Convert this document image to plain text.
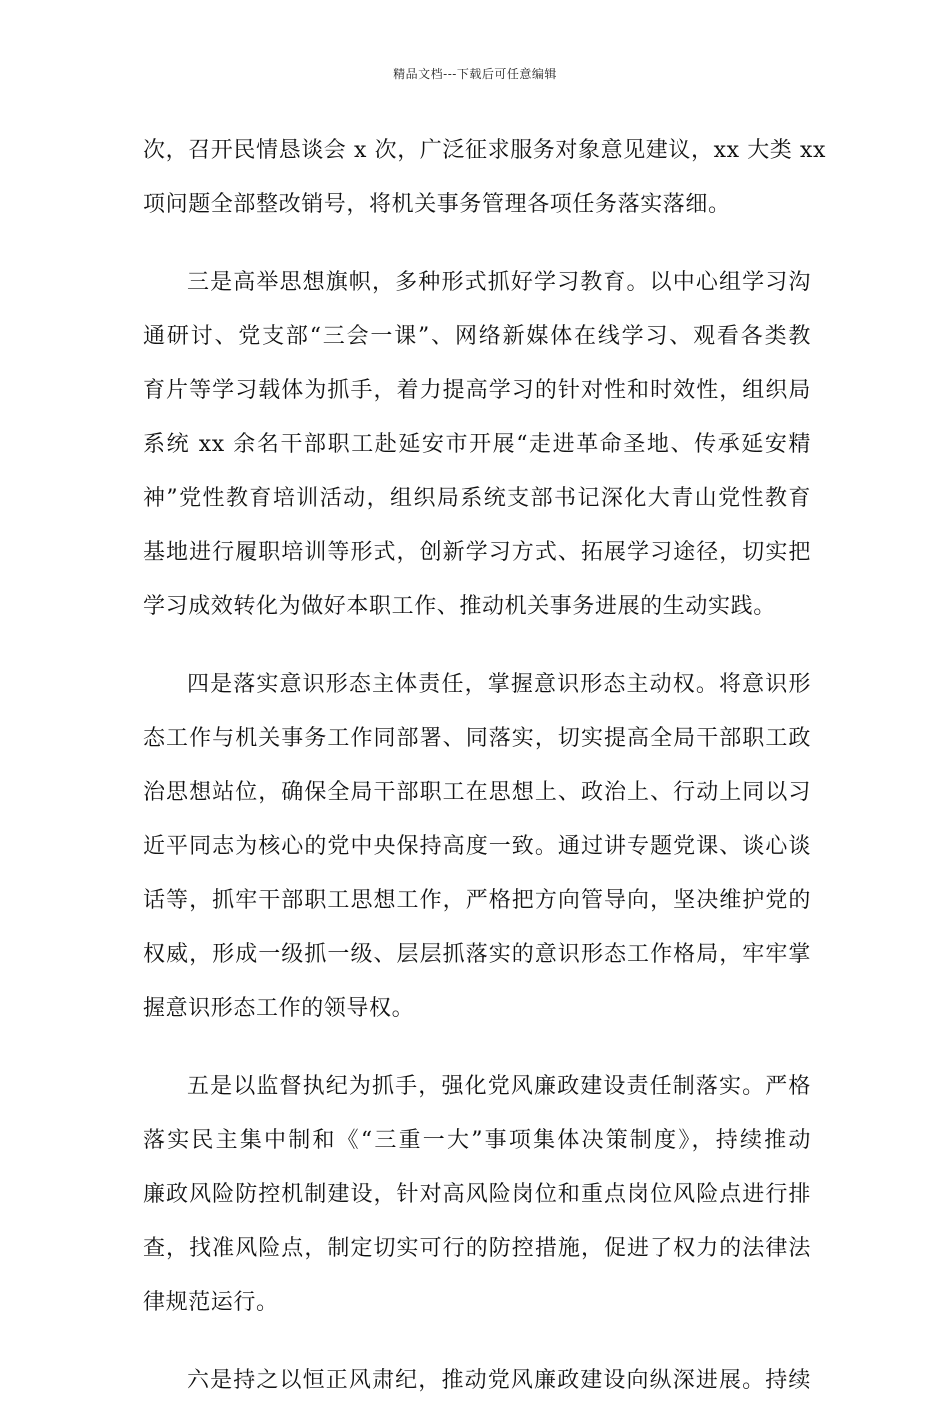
精品文档---下载后可任意编辑
次，召开民情恳谈会 x 次，广泛征求服务对象意见建议，xx 大类 xx
项问题全部整改销号，将机关事务管理各项任务落实落细。
三是高举思想旗帜，多种形式抓好学习教育。以中心组学习沟
通研讨、党支部“三会一课”、网络新媒体在线学习、观看各类教
育片等学习载体为抓手，着力提高学习的针对性和时效性，组织局
系统 xx 余名干部职工赴延安市开展“走进革命圣地、传承延安精
神”党性教育培训活动，组织局系统支部书记深化大青山党性教育
基地进行履职培训等形式，创新学习方式、拓展学习途径，切实把
学习成效转化为做好本职工作、推动机关事务进展的生动实践。
四是落实意识形态主体责任，掌握意识形态主动权。将意识形
态工作与机关事务工作同部署、同落实，切实提高全局干部职工政
治思想站位，确保全局干部职工在思想上、政治上、行动上同以习
近平同志为核心的党中央保持高度一致。通过讲专题党课、谈心谈
话等，抓牢干部职工思想工作，严格把方向管导向，坚决维护党的
权威，形成一级抓一级、层层抓落实的意识形态工作格局，牢牢掌
握意识形态工作的领导权。
五是以监督执纪为抓手，强化党风廉政建设责任制落实。严格
落实民主集中制和《“三重一大”事项集体决策制度》，持续推动
廉政风险防控机制建设，针对高风险岗位和重点岗位风险点进行排
查，找准风险点，制定切实可行的防控措施，促进了权力的法律法
律规范运行。
六是持之以恒正风肃纪，推动党风廉政建设向纵深进展。持续
